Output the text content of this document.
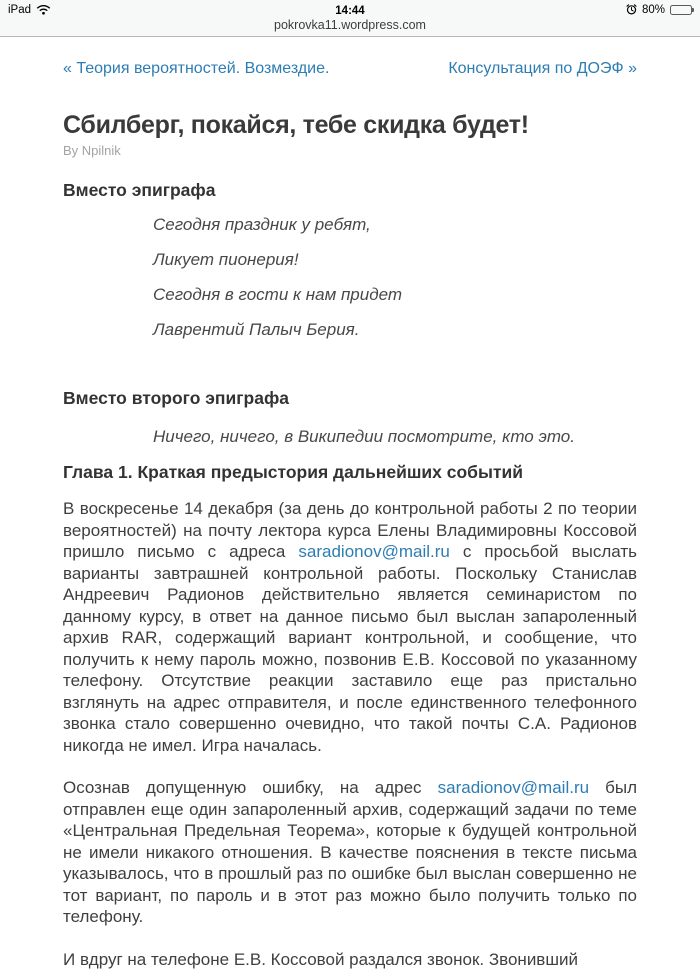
iPad	14:44	80%
pokrovka11.wordpress.com
« Теория вероятностей. Возмездие.	Консультация по ДОЭФ »
Сбилберг, покайся, тебе скидка будет!
By Npilnik
Вместо эпиграфа

Сегодня праздник у ребят,

Ликует пионерия!

Сегодня в гости к нам придет

Лаврентий Палыч Берия.

Вместо второго эпиграфа
Ничего, ничего, в Википедии посмотрите, кто это.
Глава 1. Краткая предыстория дальнейших событий

В воскресенье 14 декабря (за день до контрольной работы 2 по теории вероятностей) на почту лектора курса Елены Владимировны Коссовой пришло письмо с адреса saradionov@mail.ru с просьбой выслать варианты завтрашней контрольной работы. Поскольку Станислав Андреевич Радионов действительно является семинаристом по данному курсу, в ответ на данное письмо был выслан запароленный архив RAR, содержащий вариант контрольной, и сообщение, что получить к нему пароль можно, позвонив Е.В. Коссовой по указанному телефону. Отсутствие реакции заставило еще раз пристально взглянуть на адрес отправителя, и после единственного телефонного звонка стало совершенно очевидно, что такой почты С.А. Радионов никогда не имел. Игра началась.

Осознав допущенную ошибку, на адрес saradionov@mail.ru был отправлен еще один запароленный архив, содержащий задачи по теме «Центральная Предельная Теорема», которые к будущей контрольной не имели никакого отношения. В качестве пояснения в тексте письма указывалось, что в прошлый раз по ошибке был выслан совершенно не тот вариант, по пароль и в этот раз можно было получить только по телефону.

И вдруг на телефоне Е.В. Коссовой раздался звонок. Звонивший
